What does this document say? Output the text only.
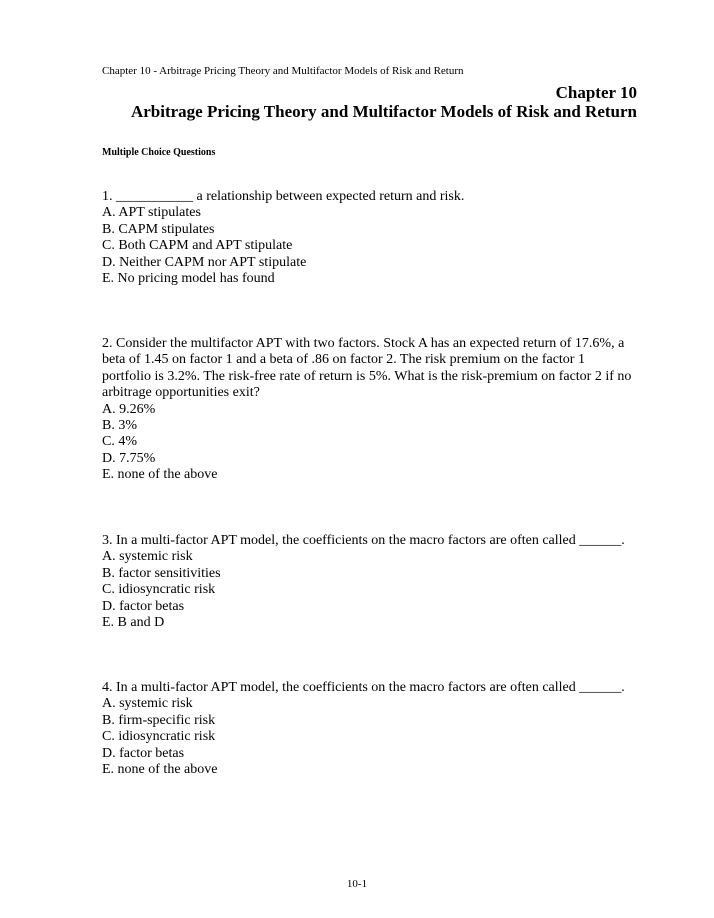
Chapter 10 - Arbitrage Pricing Theory and Multifactor Models of Risk and Return
Chapter 10
Arbitrage Pricing Theory and Multifactor Models of Risk and Return
Multiple Choice Questions
1. ___________ a relationship between expected return and risk.
A. APT stipulates
B. CAPM stipulates
C. Both CAPM and APT stipulate
D. Neither CAPM nor APT stipulate
E. No pricing model has found
2. Consider the multifactor APT with two factors. Stock A has an expected return of 17.6%, a beta of 1.45 on factor 1 and a beta of .86 on factor 2. The risk premium on the factor 1 portfolio is 3.2%. The risk-free rate of return is 5%. What is the risk-premium on factor 2 if no arbitrage opportunities exit?
A. 9.26%
B. 3%
C. 4%
D. 7.75%
E. none of the above
3. In a multi-factor APT model, the coefficients on the macro factors are often called ______.
A. systemic risk
B. factor sensitivities
C. idiosyncratic risk
D. factor betas
E. B and D
4. In a multi-factor APT model, the coefficients on the macro factors are often called ______.
A. systemic risk
B. firm-specific risk
C. idiosyncratic risk
D. factor betas
E. none of the above
10-1
